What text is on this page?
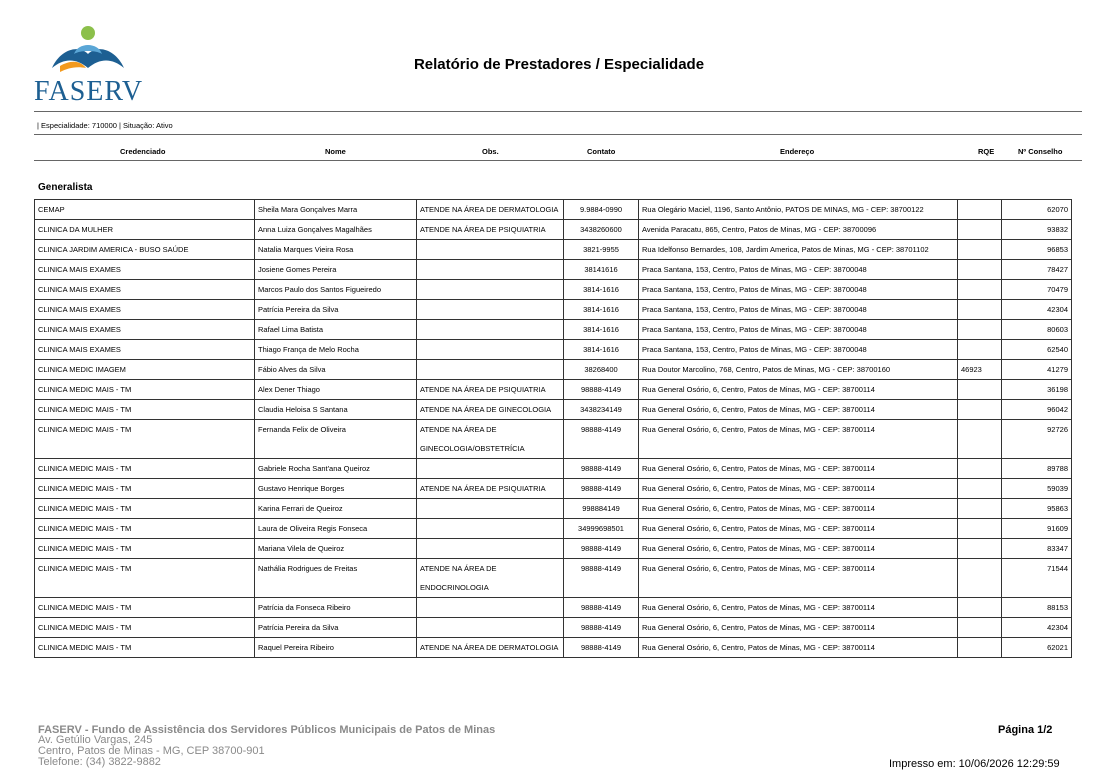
FASERV
Relatório de Prestadores / Especialidade
| Especialidade: 710000 | Situação: Ativo
Credenciado	Nome	Obs.	Contato	Endereço	RQE	Nº Conselho
Generalista
CEMAP	Sheila Mara Gonçalves Marra	ATENDE NA ÁREA DE DERMATOLOGIA	9.9884-0990	Rua Olegário Maciel, 1196, Santo Antônio, PATOS DE MINAS, MG - CEP: 38700122		62070
CLINICA DA MULHER	Anna Luiza Gonçalves Magalhães	ATENDE NA ÁREA DE PSIQUIATRIA	3438260600	Avenida Paracatu, 865, Centro, Patos de Minas, MG - CEP: 38700096		93832
CLINICA JARDIM AMERICA - BUSO SAÚDE	Natalia Marques Vieira Rosa		3821-9955	Rua Idelfonso Bernardes, 108, Jardim America, Patos de Minas, MG - CEP: 38701102		96853
CLINICA MAIS EXAMES	Josiene Gomes Pereira		38141616	Praca Santana, 153, Centro, Patos de Minas, MG - CEP: 38700048		78427
CLINICA MAIS EXAMES	Marcos Paulo dos Santos Figueiredo		3814-1616	Praca Santana, 153, Centro, Patos de Minas, MG - CEP: 38700048		70479
CLINICA MAIS EXAMES	Patrícia Pereira da Silva		3814-1616	Praca Santana, 153, Centro, Patos de Minas, MG - CEP: 38700048		42304
CLINICA MAIS EXAMES	Rafael Lima Batista		3814-1616	Praca Santana, 153, Centro, Patos de Minas, MG - CEP: 38700048		80603
CLINICA MAIS EXAMES	Thiago França de Melo Rocha		3814-1616	Praca Santana, 153, Centro, Patos de Minas, MG - CEP: 38700048		62540
CLINICA MEDIC IMAGEM	Fábio Alves da Silva		38268400	Rua Doutor Marcolino, 768, Centro, Patos de Minas, MG - CEP: 38700160	46923	41279
CLINICA MEDIC MAIS - TM	Alex Dener Thiago	ATENDE NA ÁREA DE PSIQUIATRIA	98888-4149	Rua General Osório, 6, Centro, Patos de Minas, MG - CEP: 38700114		36198
CLINICA MEDIC MAIS - TM	Claudia Heloisa S Santana	ATENDE NA ÁREA DE GINECOLOGIA	3438234149	Rua General Osório, 6, Centro, Patos de Minas, MG - CEP: 38700114		96042
CLINICA MEDIC MAIS - TM	Fernanda Felix de Oliveira	ATENDE NA ÁREA DE GINECOLOGIA/OBSTETRÍCIA	98888-4149	Rua General Osório, 6, Centro, Patos de Minas, MG - CEP: 38700114		92726
CLINICA MEDIC MAIS - TM	Gabriele Rocha Sant'ana Queiroz		98888-4149	Rua General Osório, 6, Centro, Patos de Minas, MG - CEP: 38700114		89788
CLINICA MEDIC MAIS - TM	Gustavo Henrique Borges	ATENDE NA ÁREA DE PSIQUIATRIA	98888-4149	Rua General Osório, 6, Centro, Patos de Minas, MG - CEP: 38700114		59039
CLINICA MEDIC MAIS - TM	Karina Ferrari de Queiroz		998884149	Rua General Osório, 6, Centro, Patos de Minas, MG - CEP: 38700114		95863
CLINICA MEDIC MAIS - TM	Laura de Oliveira Regis Fonseca		34999698501	Rua General Osório, 6, Centro, Patos de Minas, MG - CEP: 38700114		91609
CLINICA MEDIC MAIS - TM	Mariana Vilela de Queiroz		98888-4149	Rua General Osório, 6, Centro, Patos de Minas, MG - CEP: 38700114		83347
CLINICA MEDIC MAIS - TM	Nathália Rodrigues de Freitas	ATENDE NA ÁREA DE ENDOCRINOLOGIA	98888-4149	Rua General Osório, 6, Centro, Patos de Minas, MG - CEP: 38700114		71544
CLINICA MEDIC MAIS - TM	Patrícia da Fonseca Ribeiro		98888-4149	Rua General Osório, 6, Centro, Patos de Minas, MG - CEP: 38700114		88153
CLINICA MEDIC MAIS - TM	Patrícia Pereira da Silva		98888-4149	Rua General Osório, 6, Centro, Patos de Minas, MG - CEP: 38700114		42304
CLINICA MEDIC MAIS - TM	Raquel Pereira Ribeiro	ATENDE NA ÁREA DE DERMATOLOGIA	98888-4149	Rua General Osório, 6, Centro, Patos de Minas, MG - CEP: 38700114		62021
FASERV - Fundo de Assistência dos Servidores Públicos Municipais de Patos de Minas
Av. Getúlio Vargas, 245
Centro, Patos de Minas - MG, CEP 38700-901
Telefone: (34) 3822-9882
Página 1/2
Impresso em: 10/06/2026 12:29:59
